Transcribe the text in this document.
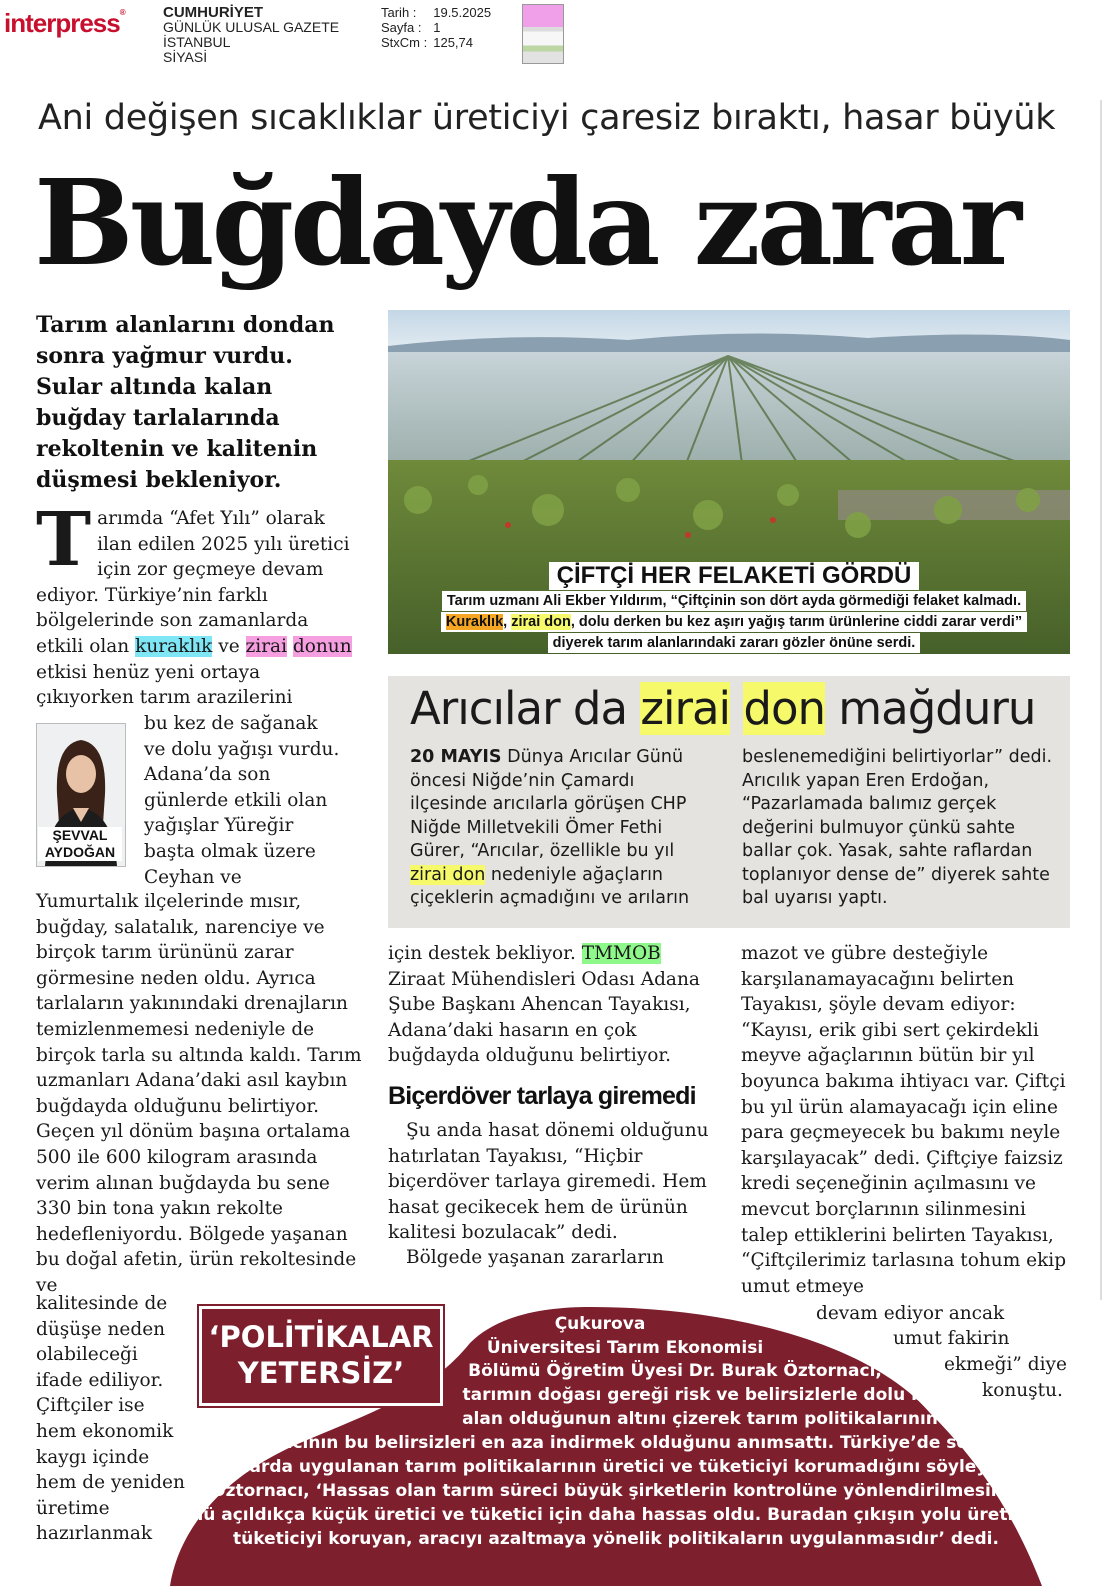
interpress®	CUMHURİYET
GÜNLÜK ULUSAL GAZETE
İSTANBUL
SİYASİ
Tarih :	19.5.2025
Sayfa :	1
StxCm :	125,74
Ani değişen sıcaklıklar üreticiyi çaresiz bıraktı, hasar büyük
Buğdayda zarar
Tarım alanlarını dondan sonra yağmur vurdu. Sular altında kalan buğday tarlalarında rekoltenin ve kalitenin düşmesi bekleniyor.
Tarımda “Afet Yılı” olarak ilan edilen 2025 yılı üretici için zor geçmeye devam ediyor. Türkiye’nin farklı bölgelerinde son zamanlarda etkili olan kuraklık ve zirai donun etkisi henüz yeni ortaya çıkıyorken tarım arazilerini
ŞEVVAL
AYDOĞAN
bu kez de sağanak ve dolu yağışı vurdu. Adana’da son günlerde etkili olan yağışlar Yüreğir başta olmak üzere Ceyhan ve
Yumurtalık ilçelerinde mısır, buğday, salatalık, narenciye ve birçok tarım ürününü zarar görmesine neden oldu. Ayrıca tarlaların yakınındaki drenajların temizlenmemesi nedeniyle de birçok tarla su altında kaldı. Tarım uzmanları Adana’daki asıl kaybın buğdayda olduğunu belirtiyor. Geçen yıl dönüm başına ortalama 500 ile 600 kilogram arasında verim alınan buğdayda bu sene 330 bin tona yakın rekolte hedefleniyordu. Bölgede yaşanan bu doğal afetin, ürün rekoltesinde ve
kalitesinde de düşüşe neden olabileceği ifade ediliyor. Çiftçiler ise hem ekonomik kaygı içinde hem de yeniden üretime hazırlanmak
ÇİFTÇİ HER FELAKETİ GÖRDÜ
Tarım uzmanı Ali Ekber Yıldırım, “Çiftçinin son dört ayda görmediği felaket kalmadı.
Kuraklık, zirai don, dolu derken bu kez aşırı yağış tarım ürünlerine ciddi zarar verdi”
diyerek tarım alanlarındaki zararı gözler önüne serdi.
Arıcılar da zirai don mağduru
20 MAYIS Dünya Arıcılar Günü öncesi Niğde’nin Çamardı ilçesinde arıcılarla görüşen CHP Niğde Milletvekili Ömer Fethi Gürer, “Arıcılar, özellikle bu yıl zirai don nedeniyle ağaçların çiçeklerin açmadığını ve arıların
beslenemediğini belirtiyorlar” dedi. Arıcılık yapan Eren Erdoğan, “Pazarlamada balımız gerçek değerini bulmuyor çünkü sahte ballar çok. Yasak, sahte raflardan toplanıyor dense de” diyerek sahte bal uyarısı yaptı.
için destek bekliyor. TMMOB Ziraat Mühendisleri Odası Adana Şube Başkanı Ahencan Tayakısı, Adana’daki hasarın en çok buğdayda olduğunu belirtiyor.
Biçerdöver tarlaya giremedi
Şu anda hasat dönemi olduğunu hatırlatan Tayakısı, “Hiçbir biçerdöver tarlaya giremedi. Hem hasat gecikecek hem de ürünün kalitesi bozulacak” dedi.
Bölgede yaşanan zararların
mazot ve gübre desteğiyle karşılanamayacağını belirten Tayakısı, şöyle devam ediyor: “Kayısı, erik gibi sert çekirdekli meyve ağaçlarının bütün bir yıl boyunca bakıma ihtiyacı var. Çiftçi bu yıl ürün alamayacağı için eline para geçmeyecek bu bakımı neyle karşılayacak” dedi. Çiftçiye faizsiz kredi seçeneğinin açılmasını ve mevcut borçlarının silinmesini talep ettiklerini belirten Tayakısı, “Çiftçilerimiz tarlasına tohum ekip umut etmeye
devam ediyor ancak
umut fakirin
ekmeği” diye
konuştu.
‘POLİTİKALAR
YETERSİZ’
Çukurova
Üniversitesi Tarım Ekonomisi
Bölümü Öğretim Üyesi Dr. Burak Öztornacı,
tarımın doğası gereği risk ve belirsizlerle dolu bir
alan olduğunun altını çizerek tarım politikalarının
amacının bu belirsizleri en aza indirmek olduğunu anımsattı. Türkiye’de son
yıllarda uygulanan tarım politikalarının üretici ve tüketiciyi korumadığını söyleyen
Öztornacı, ‘Hassas olan tarım süreci büyük şirketlerin kontrolüne yönlendirilmesinin
önü açıldıkça küçük üretici ve tüketici için daha hassas oldu. Buradan çıkışın yolu üreticiyi,
tüketiciyi koruyan, aracıyı azaltmaya yönelik politikaların uygulanmasıdır’ dedi.
